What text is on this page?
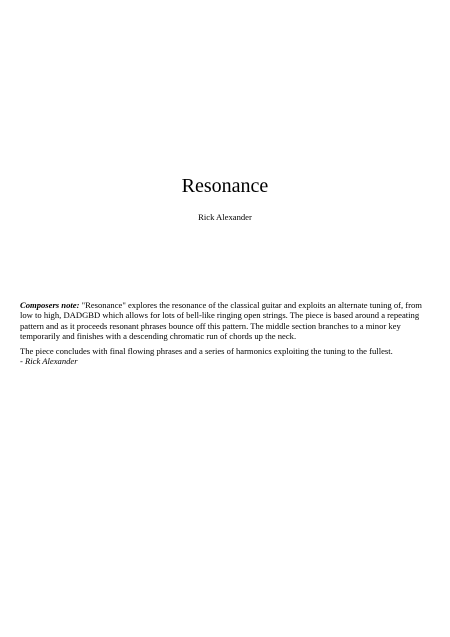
Resonance
Rick Alexander

Composers note: "Resonance" explores the resonance of the classical guitar and exploits an alternate tuning of, from low to high, DADGBD which allows for lots of bell-like ringing open strings. The piece is based around a repeating pattern and as it proceeds resonant phrases bounce off this pattern. The middle section branches to a minor key temporarily and finishes with a descending chromatic run of chords up the neck.

The piece concludes with final flowing phrases and a series of harmonics exploiting the tuning to the fullest.

- Rick Alexander
